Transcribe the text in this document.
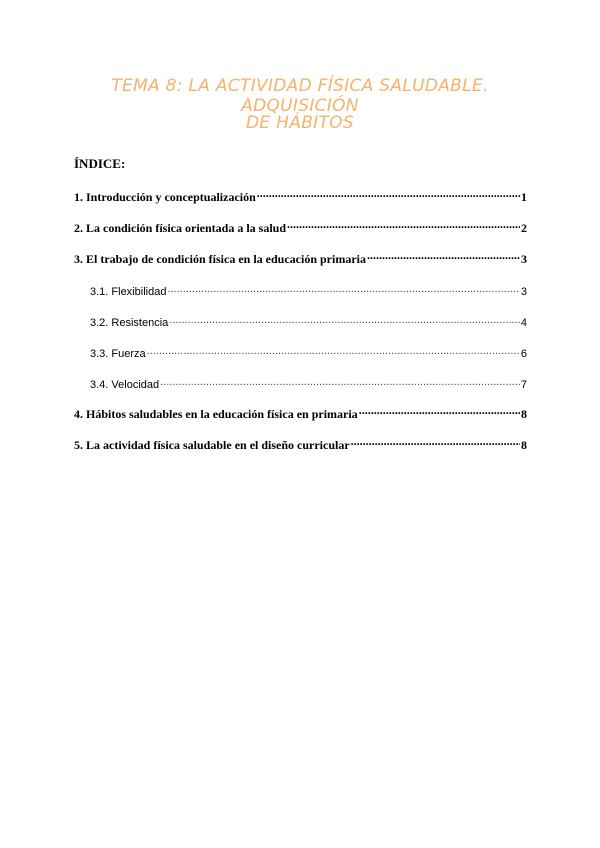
TEMA 8: LA ACTIVIDAD FÍSICA SALUDABLE. ADQUISICIÓN
DE HÁBITOS

ÍNDICE:

1. Introducción y conceptualización .....	1
2. La condición física orientada a la salud .....	2
3. El trabajo de condición física en la educación primaria .....	3
3.1. Flexibilidad .....	3
3.2. Resistencia .....	4
3.3. Fuerza .....	6
3.4. Velocidad .....	7
4. Hábitos saludables en la educación física en primaria .....	8
5. La actividad física saludable en el diseño curricular .....	8
